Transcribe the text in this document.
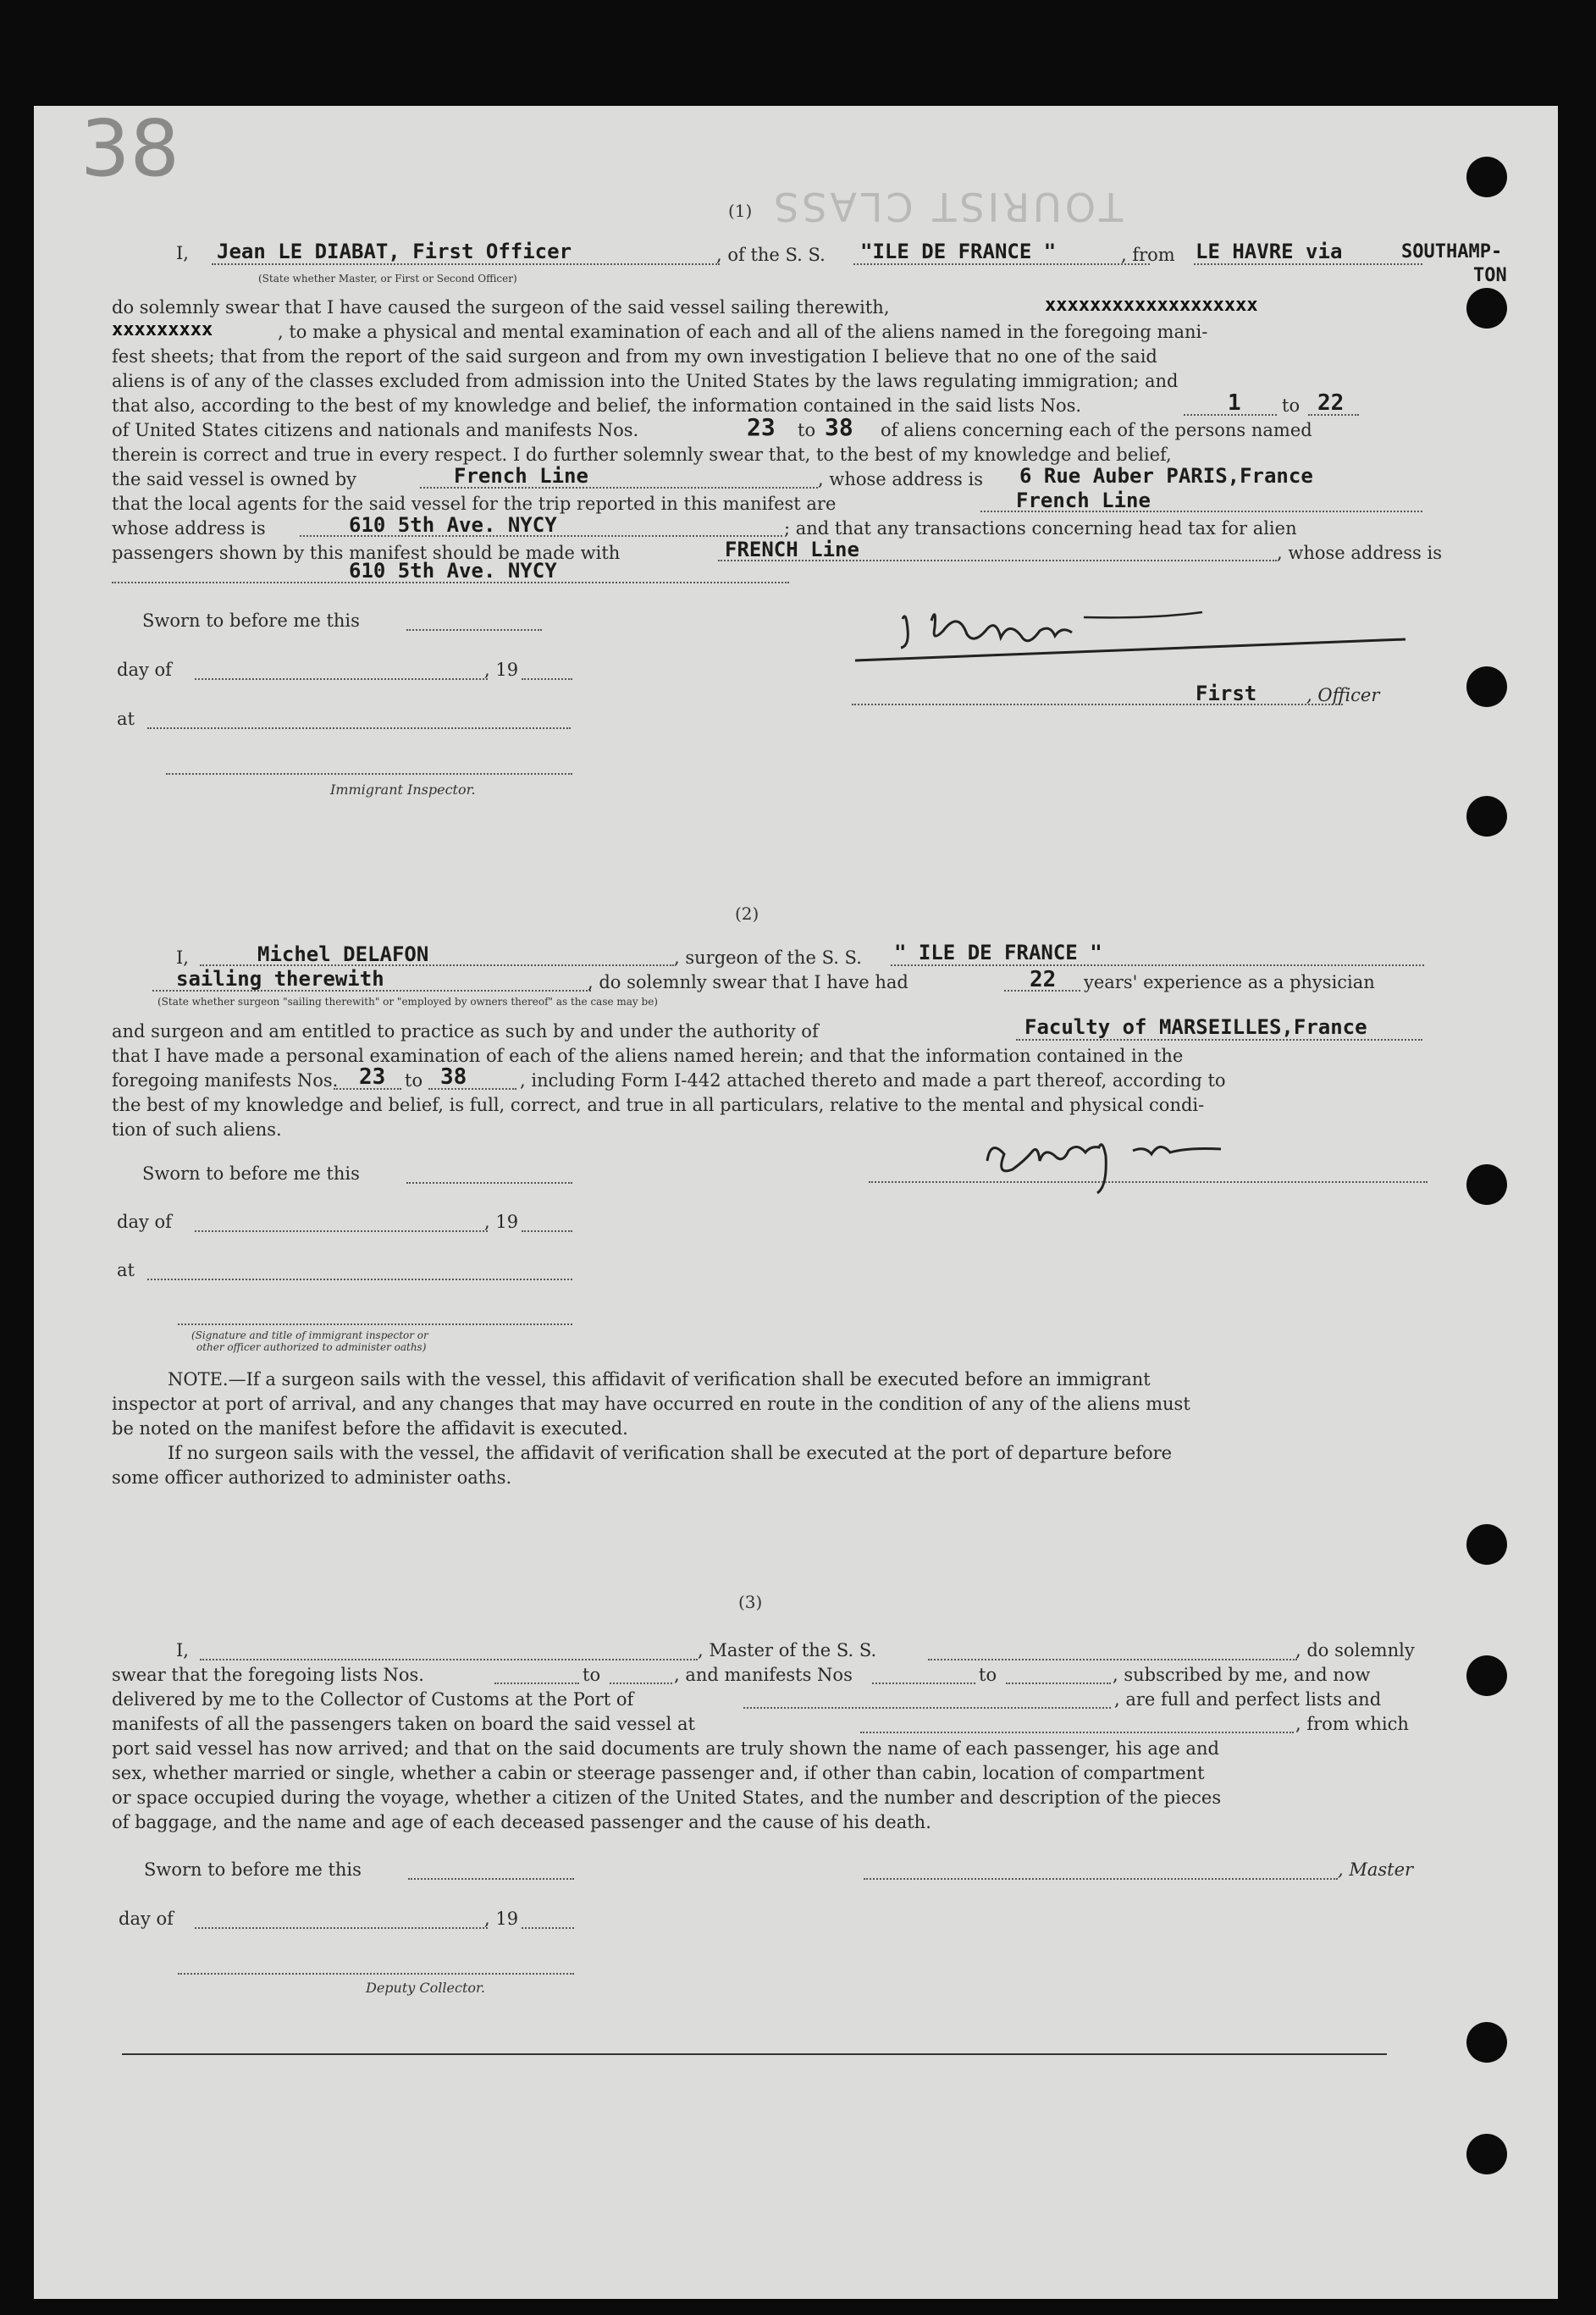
38
TOURIST CLASS
(1)
I, Jean LE DIABAT, First Officer
(State whether Master, or First or Second Officer)
, of the S. S. "ILE DE FRANCE "	, from LE HAVRE via	SOUTHAMP-
TON
do solemnly swear that I have caused the surgeon of the said vessel sailing therewith,	xxxxxxxxxxxxxxxxxxx
xxxxxxxxx	, to make a physical and mental examination of each and all of the aliens named in the foregoing mani-
fest sheets; that from the report of the said surgeon and from my own investigation I believe that no one of the said
aliens is of any of the classes excluded from admission into the United States by the laws regulating immigration; and
that also, according to the best of my knowledge and belief, the information contained in the said lists Nos.	1 to 22
of United States citizens and nationals and manifests Nos.	23 to 38 of aliens concerning each of the persons named
therein is correct and true in every respect. I do further solemnly swear that, to the best of my knowledge and belief,
the said vessel is owned by	French Line	, whose address is 6 Rue Auber PARIS,France
that the local agents for the said vessel for the trip reported in this manifest are	French Line
whose address is	610 5th Ave. NYCY	; and that any transactions concerning head tax for alien
passengers shown by this manifest should be made with	FRENCH Line	, whose address is
610 5th Ave. NYCY
Sworn to before me this
day of	, 19
at
Immigrant Inspector.
First	, Officer
(2)
I,	Michel DELAFON	, surgeon of the S. S. " ILE DE FRANCE "
sailing therewith	, do solemnly swear that I have had	22 years' experience as a physician
(State whether surgeon "sailing therewith" or "employed by owners thereof" as the case may be)
and surgeon and am entitled to practice as such by and under the authority of	Faculty of MARSEILLES,France
that I have made a personal examination of each of the aliens named herein; and that the information contained in the
foregoing manifests Nos. 23 to 38	, including Form I-442 attached thereto and made a part thereof, according to
the best of my knowledge and belief, is full, correct, and true in all particulars, relative to the mental and physical condi-
tion of such aliens.
Sworn to before me this
day of	, 19
at
(Signature and title of immigrant inspector or
other officer authorized to administer oaths)
NOTE.—If a surgeon sails with the vessel, this affidavit of verification shall be executed before an immigrant
inspector at port of arrival, and any changes that may have occurred en route in the condition of any of the aliens must
be noted on the manifest before the affidavit is executed.
If no surgeon sails with the vessel, the affidavit of verification shall be executed at the port of departure before
some officer authorized to administer oaths.
(3)
I,	, Master of the S. S.	, do solemnly
swear that the foregoing lists Nos.	to	, and manifests Nos	to	, subscribed by me, and now
delivered by me to the Collector of Customs at the Port of	, are full and perfect lists and
manifests of all the passengers taken on board the said vessel at	, from which
port said vessel has now arrived; and that on the said documents are truly shown the name of each passenger, his age and
sex, whether married or single, whether a cabin or steerage passenger and, if other than cabin, location of compartment
or space occupied during the voyage, whether a citizen of the United States, and the number and description of the pieces
of baggage, and the name and age of each deceased passenger and the cause of his death.
Sworn to before me this	, Master
day of	, 19
Deputy Collector.
